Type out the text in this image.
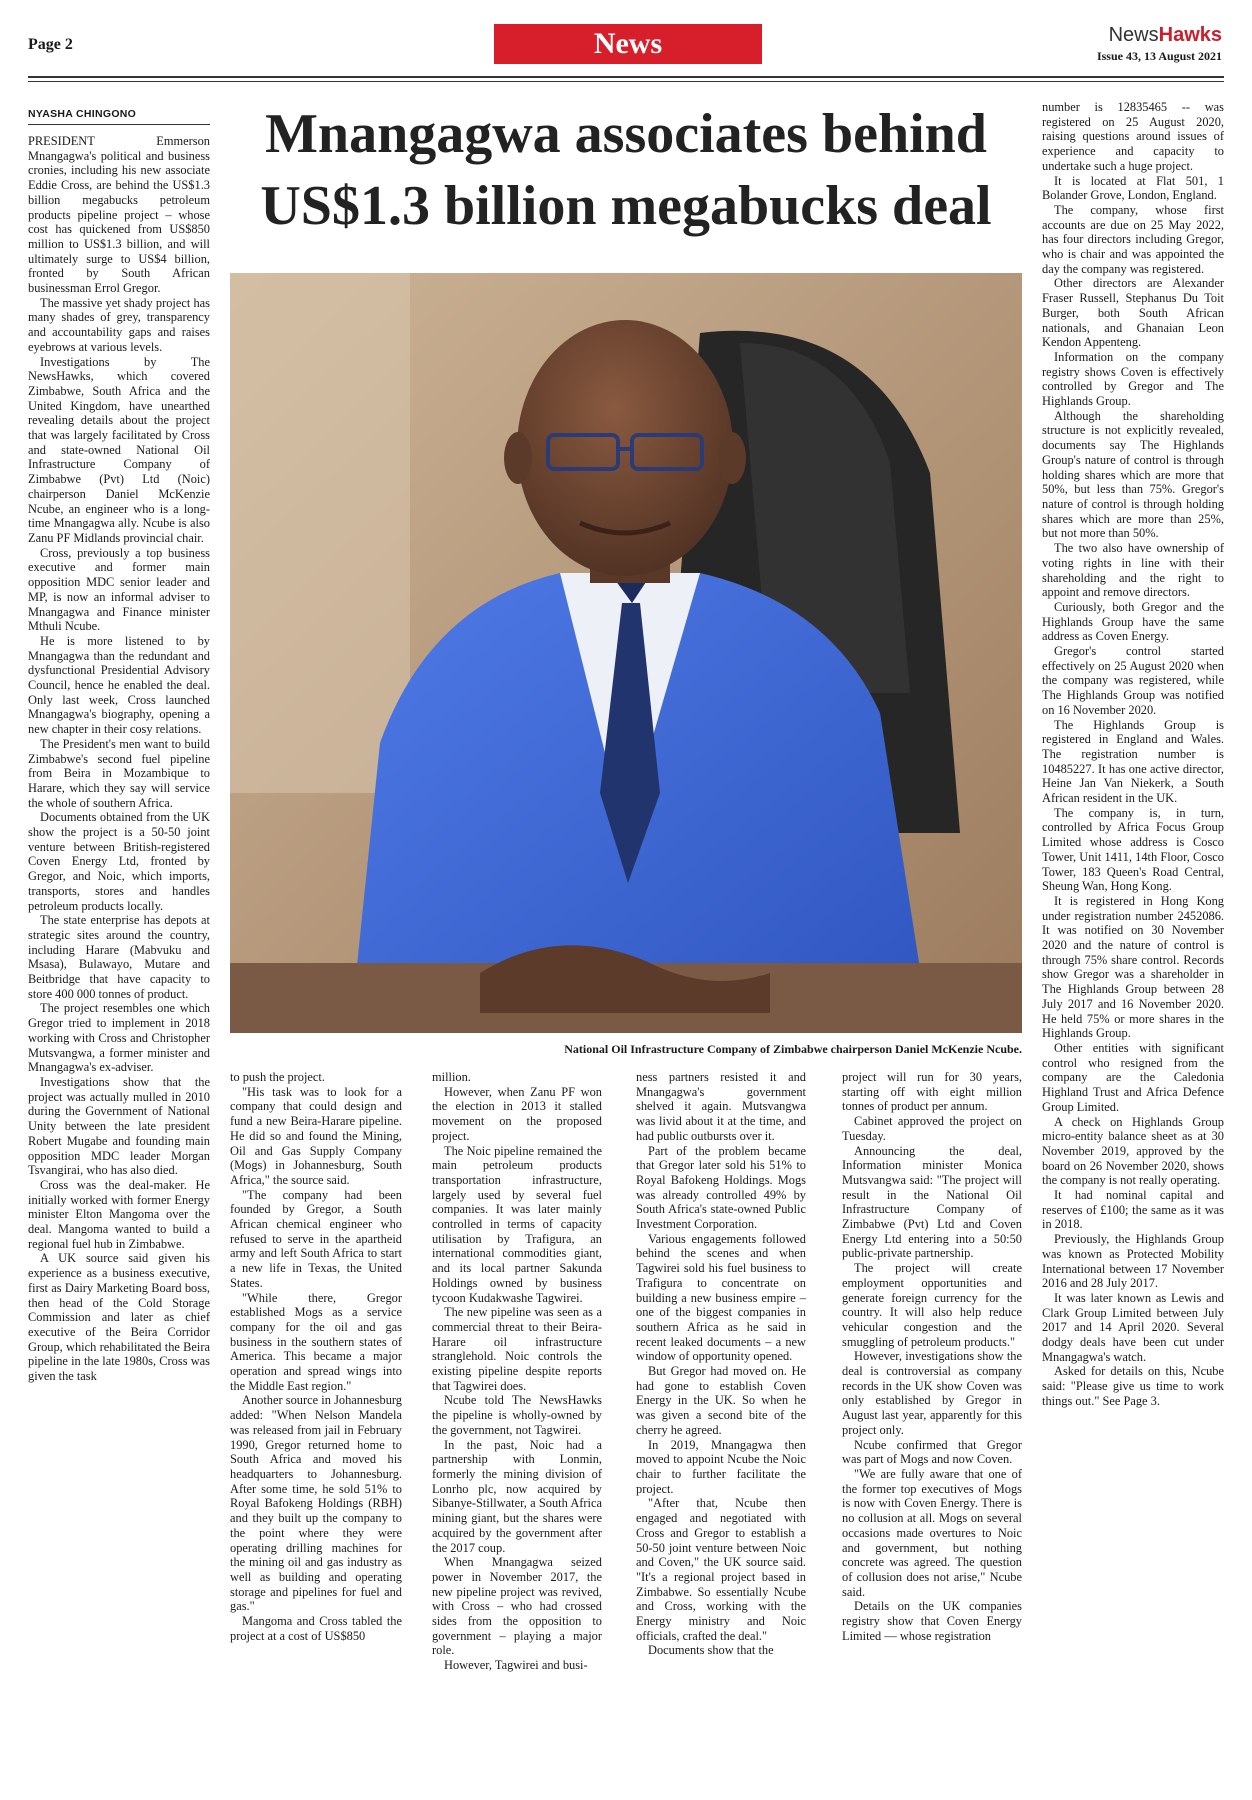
Page 2	News	NewsHawks
Issue 43, 13 August 2021
NYASHA CHINGONO	Mnangagwa associates behind US$1.3 billion megabucks deal

PRESIDENT Emmerson Mnangagwa's political and business cronies, including his new associate Eddie Cross, are behind the US$1.3 billion megabucks petroleum products pipeline project – whose cost has quickened from US$850 million to US$1.3 billion, and will ultimately surge to US$4 billion, fronted by South African businessman Errol Gregor.

The massive yet shady project has many shades of grey, transparency and accountability gaps and raises eyebrows at various levels.

Investigations by The NewsHawks, which covered Zimbabwe, South Africa and the United Kingdom, have unearthed revealing details about the project that was largely facilitated by Cross and state-owned National Oil Infrastructure Company of Zimbabwe (Pvt) Ltd (Noic) chairperson Daniel McKenzie Ncube, an engineer who is a long-time Mnangagwa ally. Ncube is also Zanu PF Midlands provincial chair.

Cross, previously a top business executive and former main opposition MDC senior leader and MP, is now an informal adviser to Mnangagwa and Finance minister Mthuli Ncube.

He is more listened to by Mnangagwa than the redundant and dysfunctional Presidential Advisory Council, hence he enabled the deal. Only last week, Cross launched Mnangagwa's biography, opening a new chapter in their cosy relations.

The President's men want to build Zimbabwe's second fuel pipeline from Beira in Mozambique to Harare, which they say will service the whole of southern Africa.

Documents obtained from the UK show the project is a 50-50 joint venture between British-registered Coven Energy Ltd, fronted by Gregor, and Noic, which imports, transports, stores and handles petroleum products locally.

The state enterprise has depots at strategic sites around the country, including Harare (Mabvuku and Msasa), Bulawayo, Mutare and Beitbridge that have capacity to store 400 000 tonnes of product.

The project resembles one which Gregor tried to implement in 2018 working with Cross and Christopher Mutsvangwa, a former minister and Mnangagwa's ex-adviser.

Investigations show that the project was actually mulled in 2010 during the Government of National Unity between the late president Robert Mugabe and founding main opposition MDC leader Morgan Tsvangirai, who has also died.

Cross was the deal-maker. He initially worked with former Energy minister Elton Mangoma over the deal. Mangoma wanted to build a regional fuel hub in Zimbabwe.

A UK source said given his experience as a business executive, first as Dairy Marketing Board boss, then head of the Cold Storage Commission and later as chief executive of the Beira Corridor Group, which rehabilitated the Beira pipeline in the late 1980s, Cross was given the task

number is 12835465 -- was registered on 25 August 2020, raising questions around issues of experience and capacity to undertake such a huge project.

It is located at Flat 501, 1 Bolander Grove, London, England.

The company, whose first accounts are due on 25 May 2022, has four directors including Gregor, who is chair and was appointed the day the company was registered.

Other directors are Alexander Fraser Russell, Stephanus Du Toit Burger, both South African nationals, and Ghanaian Leon Kendon Appenteng.

Information on the company registry shows Coven is effectively controlled by Gregor and The Highlands Group.

Although the shareholding structure is not explicitly revealed, documents say The Highlands Group's nature of control is through holding shares which are more that 50%, but less than 75%. Gregor's nature of control is through holding shares which are more than 25%, but not more than 50%.

The two also have ownership of voting rights in line with their shareholding and the right to appoint and remove directors.

Curiously, both Gregor and the Highlands Group have the same address as Coven Energy.

Gregor's control started effectively on 25 August 2020 when the company was registered, while The Highlands Group was notified on 16 November 2020.

The Highlands Group is registered in England and Wales. The registration number is 10485227. It has one active director, Heine Jan Van Niekerk, a South African resident in the UK.

The company is, in turn, controlled by Africa Focus Group Limited whose address is Cosco Tower, Unit 1411, 14th Floor, Cosco Tower, 183 Queen's Road Central, Sheung Wan, Hong Kong.

It is registered in Hong Kong under registration number 2452086. It was notified on 30 November 2020 and the nature of control is through 75% share control. Records show Gregor was a shareholder in The Highlands Group between 28 July 2017 and 16 November 2020. He held 75% or more shares in the Highlands Group.

Other entities with significant control who resigned from the company are the Caledonia Highland Trust and Africa Defence Group Limited.

A check on Highlands Group micro-entity balance sheet as at 30 November 2019, approved by the board on 26 November 2020, shows the company is not really operating.

It had nominal capital and reserves of £100; the same as it was in 2018.

Previously, the Highlands Group was known as Protected Mobility International between 17 November 2016 and 28 July 2017.

It was later known as Lewis and Clark Group Limited between July 2017 and 14 April 2020. Several dodgy deals have been cut under Mnangagwa's watch.

Asked for details on this, Ncube said: "Please give us time to work things out." See Page 3.

to push the project.

"His task was to look for a company that could design and fund a new Beira-Harare pipeline. He did so and found the Mining, Oil and Gas Supply Company (Mogs) in Johannesburg, South Africa," the source said.

"The company had been founded by Gregor, a South African chemical engineer who refused to serve in the apartheid army and left South Africa to start a new life in Texas, the United States.

"While there, Gregor established Mogs as a service company for the oil and gas business in the southern states of America. This became a major operation and spread wings into the Middle East region."

Another source in Johannesburg added: "When Nelson Mandela was released from jail in February 1990, Gregor returned home to South Africa and moved his headquarters to Johannesburg. After some time, he sold 51% to Royal Bafokeng Holdings (RBH) and they built up the company to the point where they were operating drilling machines for the mining oil and gas industry as well as building and operating storage and pipelines for fuel and gas."

Mangoma and Cross tabled the project at a cost of US$850

million.

However, when Zanu PF won the election in 2013 it stalled movement on the proposed project.

The Noic pipeline remained the main petroleum products transportation infrastructure, largely used by several fuel companies. It was later mainly controlled in terms of capacity utilisation by Trafigura, an international commodities giant, and its local partner Sakunda Holdings owned by business tycoon Kudakwashe Tagwirei.

The new pipeline was seen as a commercial threat to their Beira-Harare oil infrastructure stranglehold. Noic controls the existing pipeline despite reports that Tagwirei does.

Ncube told The NewsHawks the pipeline is wholly-owned by the government, not Tagwirei.

In the past, Noic had a partnership with Lonmin, formerly the mining division of Lonrho plc, now acquired by Sibanye-Stillwater, a South Africa mining giant, but the shares were acquired by the government after the 2017 coup.

When Mnangagwa seized power in November 2017, the new pipeline project was revived, with Cross – who had crossed sides from the opposition to government – playing a major role.

However, Tagwirei and busi-

ness partners resisted it and Mnangagwa's government shelved it again. Mutsvangwa was livid about it at the time, and had public outbursts over it.

Part of the problem became that Gregor later sold his 51% to Royal Bafokeng Holdings. Mogs was already controlled 49% by South Africa's state-owned Public Investment Corporation.

Various engagements followed behind the scenes and when Tagwirei sold his fuel business to Trafigura to concentrate on building a new business empire – one of the biggest companies in southern Africa as he said in recent leaked documents – a new window of opportunity opened.

But Gregor had moved on. He had gone to establish Coven Energy in the UK. So when he was given a second bite of the cherry he agreed.

In 2019, Mnangagwa then moved to appoint Ncube the Noic chair to further facilitate the project.

"After that, Ncube then engaged and negotiated with Cross and Gregor to establish a 50-50 joint venture between Noic and Coven," the UK source said. "It's a regional project based in Zimbabwe. So essentially Ncube and Cross, working with the Energy ministry and Noic officials, crafted the deal."

Documents show that the

project will run for 30 years, starting off with eight million tonnes of product per annum.

Cabinet approved the project on Tuesday.

Announcing the deal, Information minister Monica Mutsvangwa said: "The project will result in the National Oil Infrastructure Company of Zimbabwe (Pvt) Ltd and Coven Energy Ltd entering into a 50:50 public-private partnership.

The project will create employment opportunities and generate foreign currency for the country. It will also help reduce vehicular congestion and the smuggling of petroleum products."

However, investigations show the deal is controversial as company records in the UK show Coven was only established by Gregor in August last year, apparently for this project only.

Ncube confirmed that Gregor was part of Mogs and now Coven.

"We are fully aware that one of the former top executives of Mogs is now with Coven Energy. There is no collusion at all. Mogs on several occasions made overtures to Noic and government, but nothing concrete was agreed. The question of collusion does not arise," Ncube said.

Details on the UK companies registry show that Coven Energy Limited — whose registration

National Oil Infrastructure Company of Zimbabwe chairperson Daniel McKenzie Ncube.
